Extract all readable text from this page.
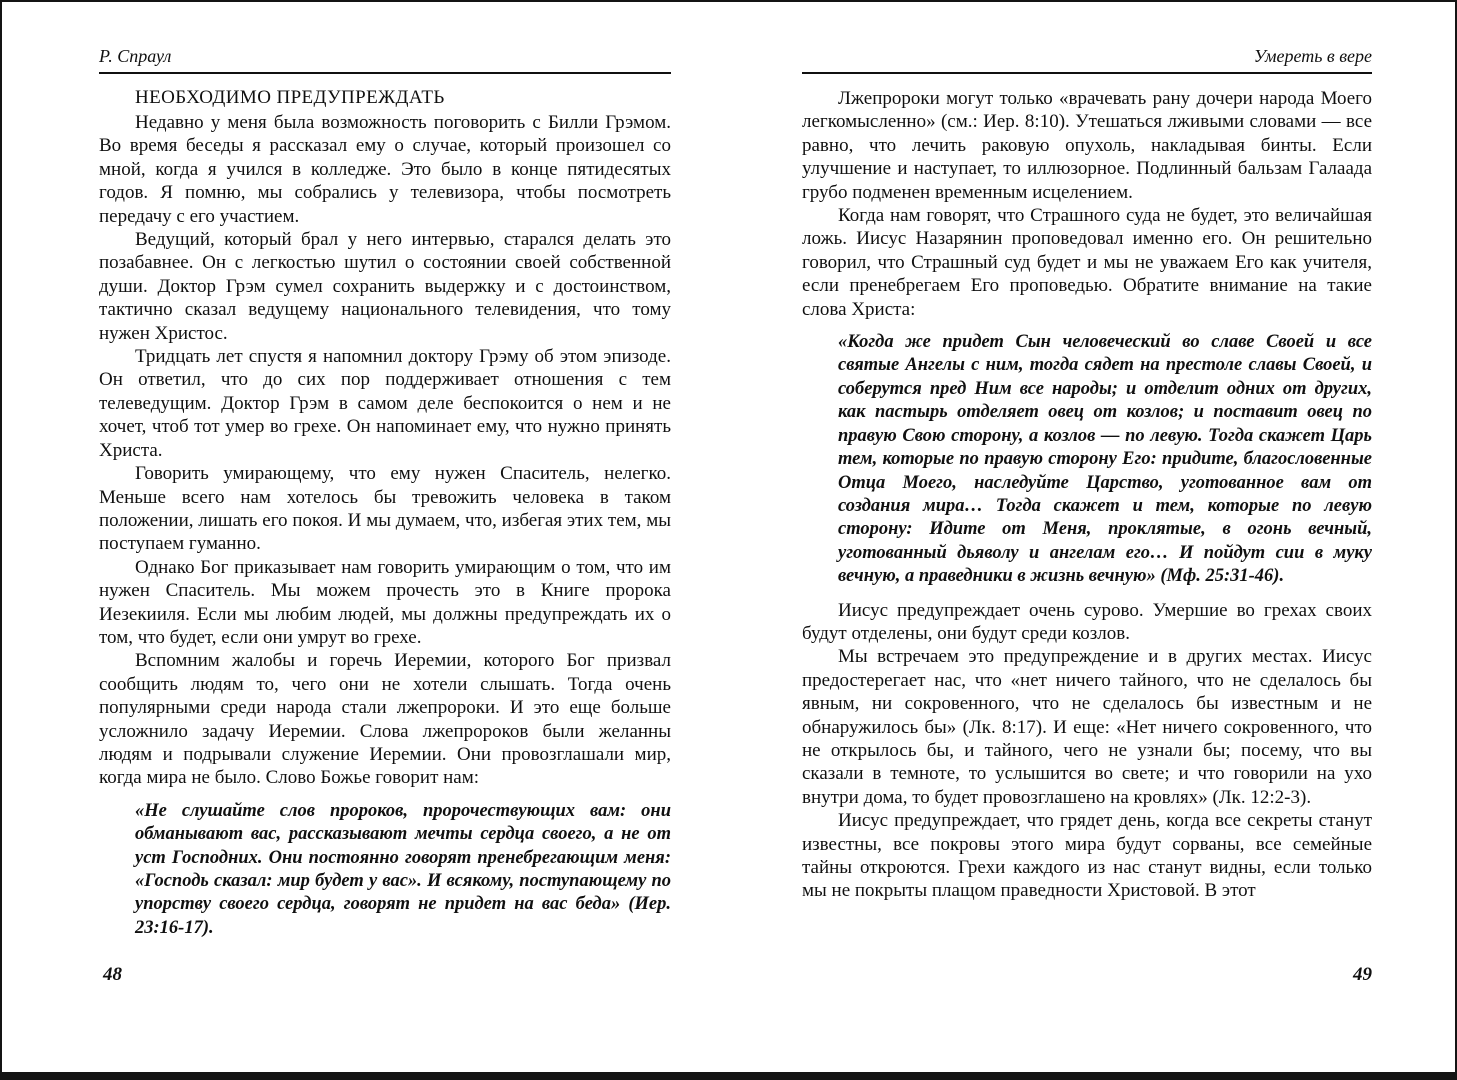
Р. Спраул
НЕОБХОДИМО ПРЕДУПРЕЖДАТЬ

Недавно у меня была возможность поговорить с Билли Грэмом. Во время беседы я рассказал ему о случае, который произошел со мной, когда я учился в колледже. Это было в конце пятидесятых годов. Я помню, мы собрались у телевизора, чтобы посмотреть передачу с его участием.

Ведущий, который брал у него интервью, старался делать это позабавнее. Он с легкостью шутил о состоянии своей собственной души. Доктор Грэм сумел сохранить выдержку и с достоинством, тактично сказал ведущему национального телевидения, что тому нужен Христос.

Тридцать лет спустя я напомнил доктору Грэму об этом эпизоде. Он ответил, что до сих пор поддерживает отношения с тем телеведущим. Доктор Грэм в самом деле беспокоится о нем и не хочет, чтоб тот умер во грехе. Он напоминает ему, что нужно принять Христа.

Говорить умирающему, что ему нужен Спаситель, нелегко. Меньше всего нам хотелось бы тревожить человека в таком положении, лишать его покоя. И мы думаем, что, избегая этих тем, мы поступаем гуманно.

Однако Бог приказывает нам говорить умирающим о том, что им нужен Спаситель. Мы можем прочесть это в Книге пророка Иезекииля. Если мы любим людей, мы должны предупреждать их о том, что будет, если они умрут во грехе.

Вспомним жалобы и горечь Иеремии, которого Бог призвал сообщить людям то, чего они не хотели слышать. Тогда очень популярными среди народа стали лжепророки. И это еще больше усложнило задачу Иеремии. Слова лжепророков были желанны людям и подрывали служение Иеремии. Они провозглашали мир, когда мира не было. Слово Божье говорит нам:

«Не слушайте слов пророков, пророчествующих вам: они обманывают вас, рассказывают мечты сердца своего, а не от уст Господних. Они постоянно говорят пренебрегающим меня: «Господь сказал: мир будет у вас». И всякому, поступающему по упорству своего сердца, говорят не придет на вас беда» (Иер. 23:16-17).
Умереть в вере

Лжепророки могут только «врачевать рану дочери народа Моего легкомысленно» (см.: Иер. 8:10). Утешаться лживыми словами — все равно, что лечить раковую опухоль, накладывая бинты. Если улучшение и наступает, то иллюзорное. Подлинный бальзам Галаада грубо подменен временным исцелением.

Когда нам говорят, что Страшного суда не будет, это величайшая ложь. Иисус Назарянин проповедовал именно его. Он решительно говорил, что Страшный суд будет и мы не уважаем Его как учителя, если пренебрегаем Его проповедью. Обратите внимание на такие слова Христа:

«Когда же придет Сын человеческий во славе Своей и все святые Ангелы с ним, тогда сядет на престоле славы Своей, и соберутся пред Ним все народы; и отделит одних от других, как пастырь отделяет овец от козлов; и поставит овец по правую Свою сторону, а козлов — по левую. Тогда скажет Царь тем, которые по правую сторону Его: придите, благословенные Отца Моего, наследуйте Царство, уготованное вам от создания мира… Тогда скажет и тем, которые по левую сторону: Идите от Меня, проклятые, в огонь вечный, уготованный дьяволу и ангелам его… И пойдут сии в муку вечную, а праведники в жизнь вечную» (Мф. 25:31-46).

Иисус предупреждает очень сурово. Умершие во грехах своих будут отделены, они будут среди козлов.

Мы встречаем это предупреждение и в других местах. Иисус предостерегает нас, что «нет ничего тайного, что не сделалось бы явным, ни сокровенного, что не сделалось бы известным и не обнаружилось бы» (Лк. 8:17). И еще: «Нет ничего сокровенного, что не открылось бы, и тайного, чего не узнали бы; посему, что вы сказали в темноте, то услышится во свете; и что говорили на ухо внутри дома, то будет провозглашено на кровлях» (Лк. 12:2-3).

Иисус предупреждает, что грядет день, когда все секреты станут известны, все покровы этого мира будут сорваны, все семейные тайны откроются. Грехи каждого из нас станут видны, если только мы не покрыты плащом праведности Христовой. В этот

48	49
